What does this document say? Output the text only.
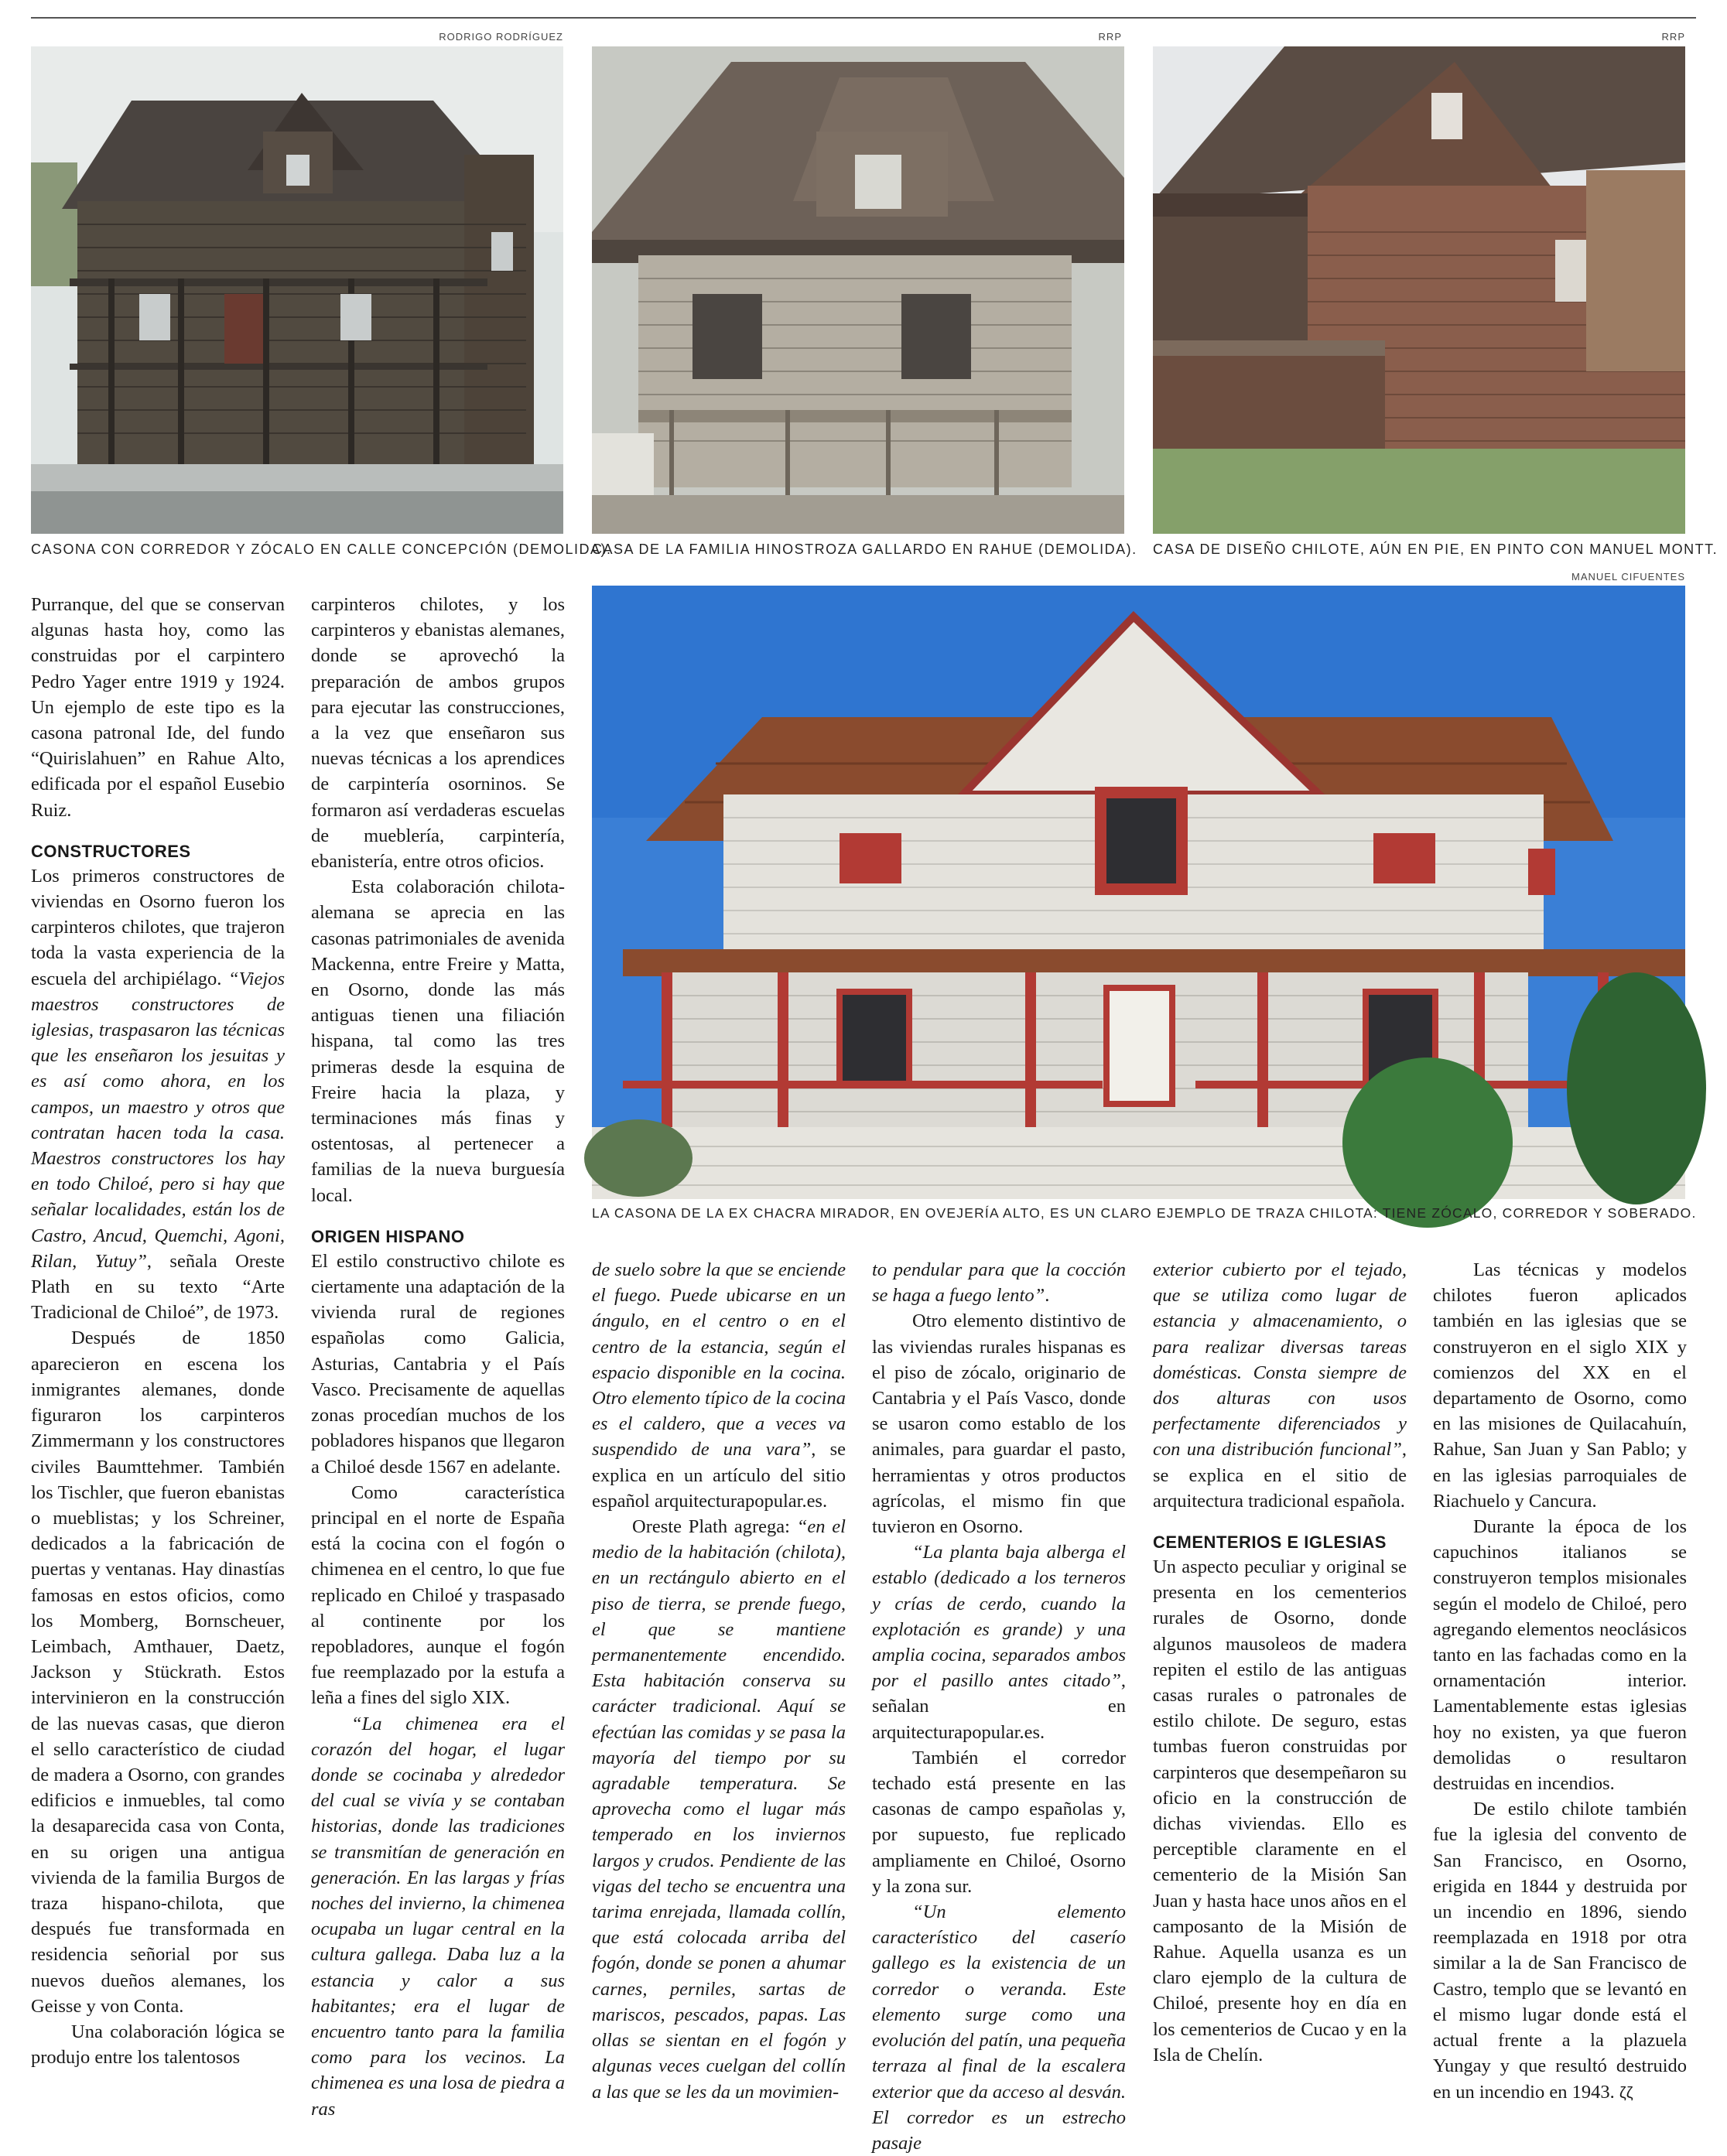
RODRIGO RODRÍGUEZ	RRP	RRP
MANUEL CIFUENTES
CASONA CON CORREDOR Y ZÓCALO EN CALLE CONCEPCIÓN (DEMOLIDA).
CASA DE LA FAMILIA HINOSTROZA GALLARDO EN RAHUE (DEMOLIDA). CASA DE DISEÑO CHILOTE, AÚN EN PIE, EN PINTO CON MANUEL MONTT.
LA CASONA DE LA EX CHACRA MIRADOR, EN OVEJERÍA ALTO, ES UN CLARO EJEMPLO DE TRAZA CHILOTA: TIENE ZÓCALO, CORREDOR Y SOBERADO.

Purranque, del que se conservan algunas hasta hoy, como las construidas por el carpintero Pedro Yager entre 1919 y 1924. Un ejemplo de este tipo es la casona patronal Ide, del fundo “Quirislahuen” en Rahue Alto, edificada por el español Eusebio Ruiz.

CONSTRUCTORES

Los primeros constructores de viviendas en Osorno fueron los carpinteros chilotes, que trajeron toda la vasta experiencia de la escuela del archipiélago. “Viejos maestros constructores de iglesias, traspasaron las técnicas que les enseñaron los jesuitas y es así como ahora, en los campos, un maestro y otros que contratan hacen toda la casa. Maestros constructores los hay en todo Chiloé, pero si hay que señalar localidades, están los de Castro, Ancud, Quemchi, Agoni, Rilan, Yutuy”, señala Oreste Plath en su texto “Arte Tradicional de Chiloé”, de 1973.

Después de 1850 aparecieron en escena los inmigrantes alemanes, donde figuraron los carpinteros Zimmermann y los constructores civiles Baumttehmer. También los Tischler, que fueron ebanistas o mueblistas; y los Schreiner, dedicados a la fabricación de puertas y ventanas. Hay dinastías famosas en estos oficios, como los Momberg, Bornscheuer, Leimbach, Amthauer, Daetz, Jackson y Stückrath. Estos intervinieron en la construcción de las nuevas casas, que dieron el sello característico de ciudad de madera a Osorno, con grandes edificios e inmuebles, tal como la desaparecida casa von Conta, en su origen una antigua vivienda de la familia Burgos de traza hispano-chilota, que después fue transformada en residencia señorial por sus nuevos dueños alemanes, los Geisse y von Conta.

Una colaboración lógica se produjo entre los talentosos

carpinteros chilotes, y los carpinteros y ebanistas alemanes, donde se aprovechó la preparación de ambos grupos para ejecutar las construcciones, a la vez que enseñaron sus nuevas técnicas a los aprendices de carpintería osorninos. Se formaron así verdaderas escuelas de mueblería, carpintería, ebanistería, entre otros oficios.

Esta colaboración chilota-alemana se aprecia en las casonas patrimoniales de avenida Mackenna, entre Freire y Matta, en Osorno, donde las más antiguas tienen una filiación hispana, tal como las tres primeras desde la esquina de Freire hacia la plaza, y terminaciones más finas y ostentosas, al pertenecer a familias de la nueva burguesía local.

ORIGEN HISPANO

El estilo constructivo chilote es ciertamente una adaptación de la vivienda rural de regiones españolas como Galicia, Asturias, Cantabria y el País Vasco. Precisamente de aquellas zonas procedían muchos de los pobladores hispanos que llegaron a Chiloé desde 1567 en adelante.

Como característica principal en el norte de España está la cocina con el fogón o chimenea en el centro, lo que fue replicado en Chiloé y traspasado al continente por los repobladores, aunque el fogón fue reemplazado por la estufa a leña a fines del siglo XIX.

“La chimenea era el corazón del hogar, el lugar donde se cocinaba y alrededor del cual se vivía y se contaban historias, donde las tradiciones se transmitían de generación en generación. En las largas y frías noches del invierno, la chimenea ocupaba un lugar central en la cultura gallega. Daba luz a la estancia y calor a sus habitantes; era el lugar de encuentro tanto para la familia como para los vecinos. La chimenea es una losa de piedra a ras

de suelo sobre la que se enciende el fuego. Puede ubicarse en un ángulo, en el centro o en el centro de la estancia, según el espacio disponible en la cocina. Otro elemento típico de la cocina es el caldero, que a veces va suspendido de una vara”, se explica en un artículo del sitio español arquitecturapopular.es.

Oreste Plath agrega: “en el medio de la habitación (chilota), en un rectángulo abierto en el piso de tierra, se prende fuego, el que se mantiene permanentemente encendido. Esta habitación conserva su carácter tradicional. Aquí se efectúan las comidas y se pasa la mayoría del tiempo por su agradable temperatura. Se aprovecha como el lugar más temperado en los inviernos largos y crudos. Pendiente de las vigas del techo se encuentra una tarima enrejada, llamada collín, que está colocada arriba del fogón, donde se ponen a ahumar carnes, perniles, sartas de mariscos, pescados, papas. Las ollas se sientan en el fogón y algunas veces cuelgan del collín a las que se les da un movimien-

to pendular para que la cocción se haga a fuego lento”.

Otro elemento distintivo de las viviendas rurales hispanas es el piso de zócalo, originario de Cantabria y el País Vasco, donde se usaron como establo de los animales, para guardar el pasto, herramientas y otros productos agrícolas, el mismo fin que tuvieron en Osorno.

“La planta baja alberga el establo (dedicado a los terneros y crías de cerdo, cuando la explotación es grande) y una amplia cocina, separados ambos por el pasillo antes citado”, señalan en arquitecturapopular.es.

También el corredor techado está presente en las casonas de campo españolas y, por supuesto, fue replicado ampliamente en Chiloé, Osorno y la zona sur.

“Un elemento característico del caserío gallego es la existencia de un corredor o veranda. Este elemento surge como una evolución del patín, una pequeña terraza al final de la escalera exterior que da acceso al desván. El corredor es un estrecho pasaje

exterior cubierto por el tejado, que se utiliza como lugar de estancia y almacenamiento, o para realizar diversas tareas domésticas. Consta siempre de dos alturas con usos perfectamente diferenciados y con una distribución funcional”, se explica en el sitio de arquitectura tradicional española.

CEMENTERIOS E IGLESIAS

Un aspecto peculiar y original se presenta en los cementerios rurales de Osorno, donde algunos mausoleos de madera repiten el estilo de las antiguas casas rurales o patronales de estilo chilote. De seguro, estas tumbas fueron construidas por carpinteros que desempeñaron su oficio en la construcción de dichas viviendas. Ello es perceptible claramente en el cementerio de la Misión San Juan y hasta hace unos años en el camposanto de la Misión de Rahue. Aquella usanza es un claro ejemplo de la cultura de Chiloé, presente hoy en día en los cementerios de Cucao y en la Isla de Chelín.

Las técnicas y modelos chilotes fueron aplicados también en las iglesias que se construyeron en el siglo XIX y comienzos del XX en el departamento de Osorno, como en las misiones de Quilacahuín, Rahue, San Juan y San Pablo; y en las iglesias parroquiales de Riachuelo y Cancura.

Durante la época de los capuchinos italianos se construyeron templos misionales según el modelo de Chiloé, pero agregando elementos neoclásicos tanto en las fachadas como en la ornamentación interior. Lamentablemente estas iglesias hoy no existen, ya que fueron demolidas o resultaron destruidas en incendios.

De estilo chilote también fue la iglesia del convento de San Francisco, en Osorno, erigida en 1844 y destruida por un incendio en 1896, siendo reemplazada en 1918 por otra similar a la de San Francisco de Castro, templo que se levantó en el mismo lugar donde está el actual frente a la plazuela Yungay y que resultó destruido en un incendio en 1943. ζζ
